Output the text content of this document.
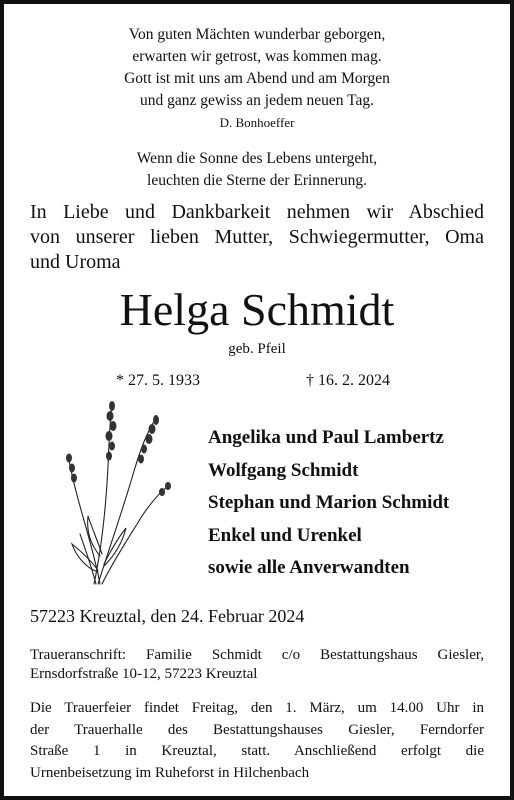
Von guten Mächten wunderbar geborgen,
erwarten wir getrost, was kommen mag.
Gott ist mit uns am Abend und am Morgen
und ganz gewiss an jedem neuen Tag.
D. Bonhoeffer
Wenn die Sonne des Lebens untergeht,
leuchten die Sterne der Erinnerung.
In Liebe und Dankbarkeit nehmen wir Abschied
von unserer lieben Mutter, Schwiegermutter, Oma
und Uroma
Helga Schmidt
geb. Pfeil
* 27. 5. 1933	† 16. 2. 2024
Angelika und Paul Lambertz
Wolfgang Schmidt
Stephan und Marion Schmidt
Enkel und Urenkel
sowie alle Anverwandten
57223 Kreuztal, den 24. Februar 2024
Traueranschrift: Familie Schmidt c/o Bestattungshaus Giesler,
Ernsdorfstraße 10-12, 57223 Kreuztal
Die Trauerfeier findet Freitag, den 1. März, um 14.00 Uhr in
der Trauerhalle des Bestattungshauses Giesler, Ferndorfer
Straße 1 in Kreuztal, statt. Anschließend erfolgt die
Urnenbeisetzung im Ruheforst in Hilchenbach
